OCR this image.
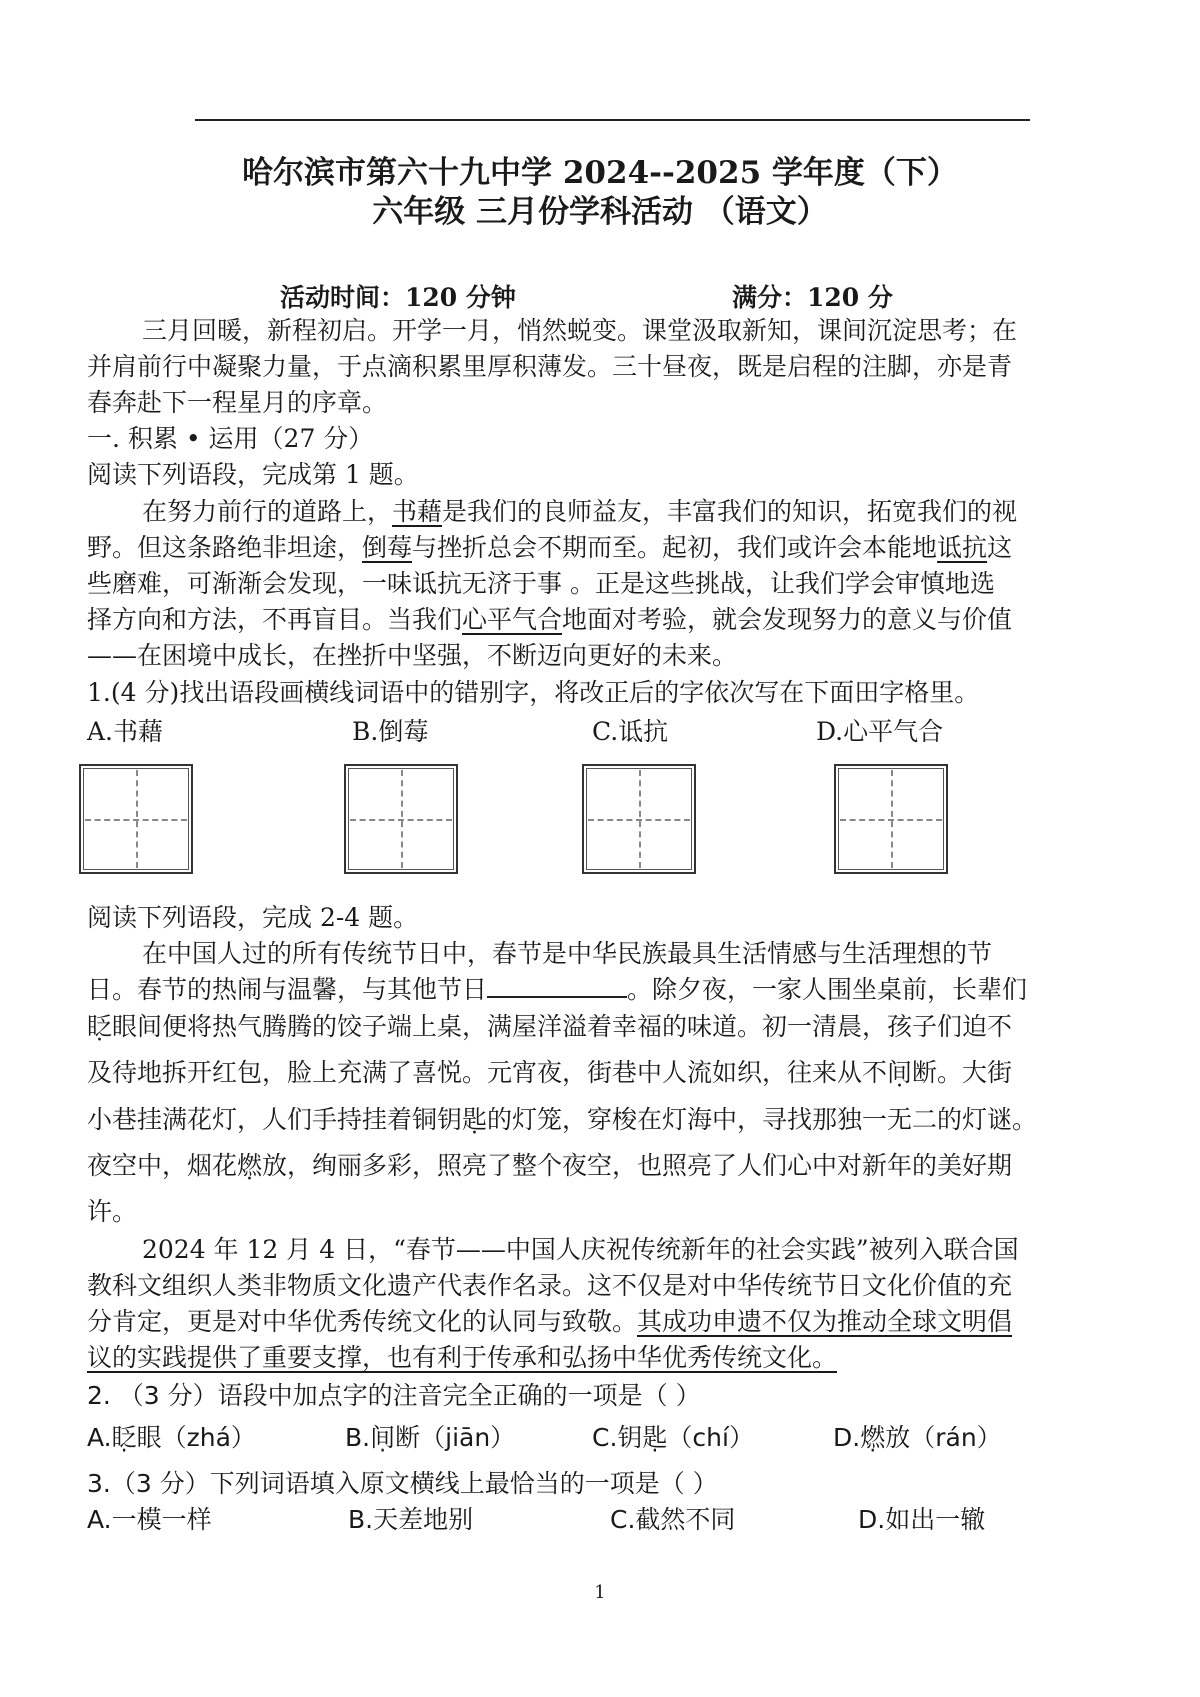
哈尔滨市第六十九中学 2024--2025 学年度（下）
六年级 三月份学科活动 （语文）
活动时间：120 分钟	满分：120 分
三月回暖，新程初启。开学一月，悄然蜕变。课堂汲取新知，课间沉淀思考；在
并肩前行中凝聚力量，于点滴积累里厚积薄发。三十昼夜，既是启程的注脚，亦是青
春奔赴下一程星月的序章。
一. 积累 • 运用（27 分）
阅读下列语段，完成第 1 题。
在努力前行的道路上，书藉是我们的良师益友，丰富我们的知识，拓宽我们的视
野。但这条路绝非坦途，倒莓与挫折总会不期而至。起初，我们或许会本能地诋抗这
些磨难，可渐渐会发现，一味诋抗无济于事 。正是这些挑战，让我们学会审慎地选
择方向和方法，不再盲目。当我们心平气合地面对考验，就会发现努力的意义与价值
——在困境中成长，在挫折中坚强，不断迈向更好的未来。
1.(4 分)找出语段画横线词语中的错别字，将改正后的字依次写在下面田字格里。
A.书藉	B.倒莓	C.诋抗	D.心平气合
阅读下列语段，完成 2-4 题。
在中国人过的所有传统节日中，春节是中华民族最具生活情感与生活理想的节
日。春节的热闹与温馨，与其他节日	。除夕夜，一家人围坐桌前，长辈们
眨眼间便将热气腾腾的饺子端上桌，满屋洋溢着幸福的味道。初一清晨，孩子们迫不
及待地拆开红包，脸上充满了喜悦。元宵夜，街巷中人流如织，往来从不间断。大街
小巷挂满花灯，人们手持挂着铜钥匙的灯笼，穿梭在灯海中，寻找那独一无二的灯谜。
夜空中，烟花燃放，绚丽多彩，照亮了整个夜空，也照亮了人们心中对新年的美好期
许。
2024 年 12 月 4 日，“春节——中国人庆祝传统新年的社会实践”被列入联合国
教科文组织人类非物质文化遗产代表作名录。这不仅是对中华传统节日文化价值的充
分肯定，更是对中华优秀传统文化的认同与致敬。其成功申遗不仅为推动全球文明倡
议的实践提供了重要支撑，也有利于传承和弘扬中华优秀传统文化。
2. （3 分）语段中加点字的注音完全正确的一项是（ ）
A.眨眼（zhá）	B.间断（jiān）	C.钥匙（chí）	D.燃放（rán）
3.（3 分）下列词语填入原文横线上最恰当的一项是（ ）
A.一模一样	B.天差地别	C.截然不同	D.如出一辙
1
